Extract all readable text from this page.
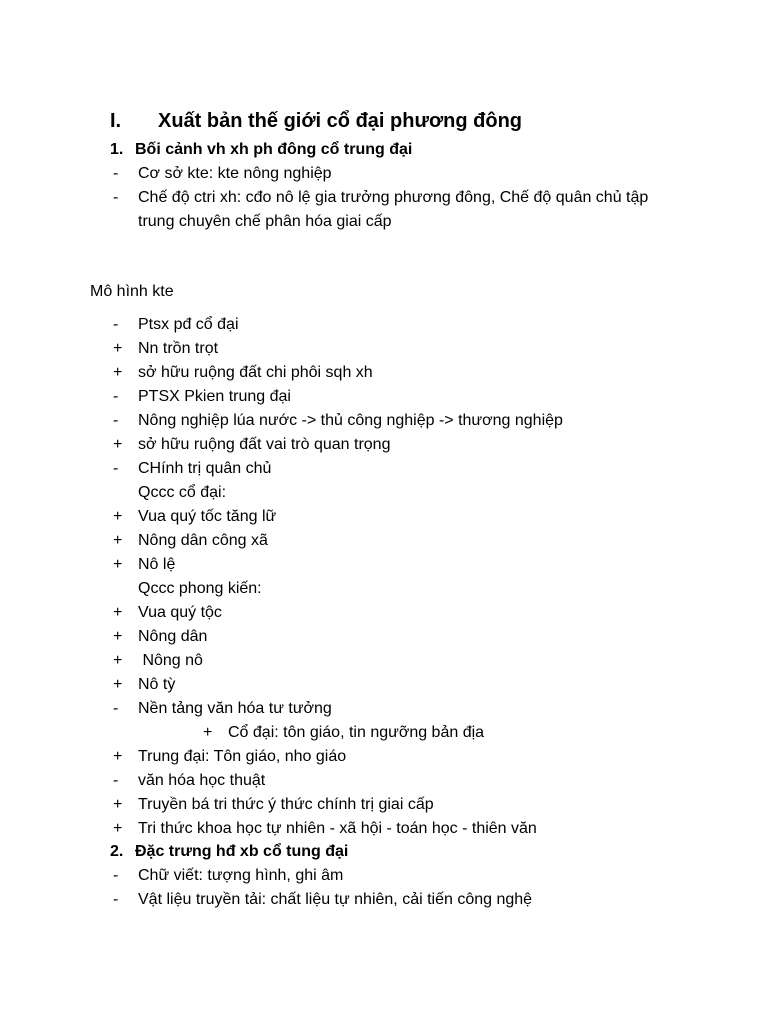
I. Xuất bản thế giới cổ đại phương đông
1. Bối cảnh vh xh ph đông cổ trung đại
- Cơ sở kte: kte nông nghiệp
- Chế độ ctri xh: cđo nô lệ gia trưởng phương đông, Chế độ quân chủ tập
trung chuyên chế phân hóa giai cấp
Mô hình kte
- Ptsx pđ cổ đại
+ Nn trồn trọt
+ sở hữu ruộng đất chi phôi sqh xh
- PTSX Pkien trung đại
- Nông nghiệp lúa nước -> thủ công nghiệp -> thương nghiệp
+ sở hữu ruộng đất vai trò quan trọng
- CHính trị quân chủ
Qccc cổ đại:
+ Vua quý tốc tăng lữ
+ Nông dân công xã
+ Nô lệ
Qccc phong kiến:
+ Vua quý tộc
+ Nông dân
+ Nông nô
+ Nô tỳ
- Nền tảng văn hóa tư tưởng
+ Cổ đại: tôn giáo, tin ngưỡng bản địa
+ Trung đại: Tôn giáo, nho giáo
- văn hóa học thuật
+ Truyền bá tri thức ý thức chính trị giai cấp
+ Tri thức khoa học tự nhiên - xã hội - toán học - thiên văn
2. Đặc trưng hđ xb cổ tung đại
- Chữ viết: tượng hình, ghi âm
- Vật liệu truyền tải: chất liệu tự nhiên, cải tiến công nghệ
